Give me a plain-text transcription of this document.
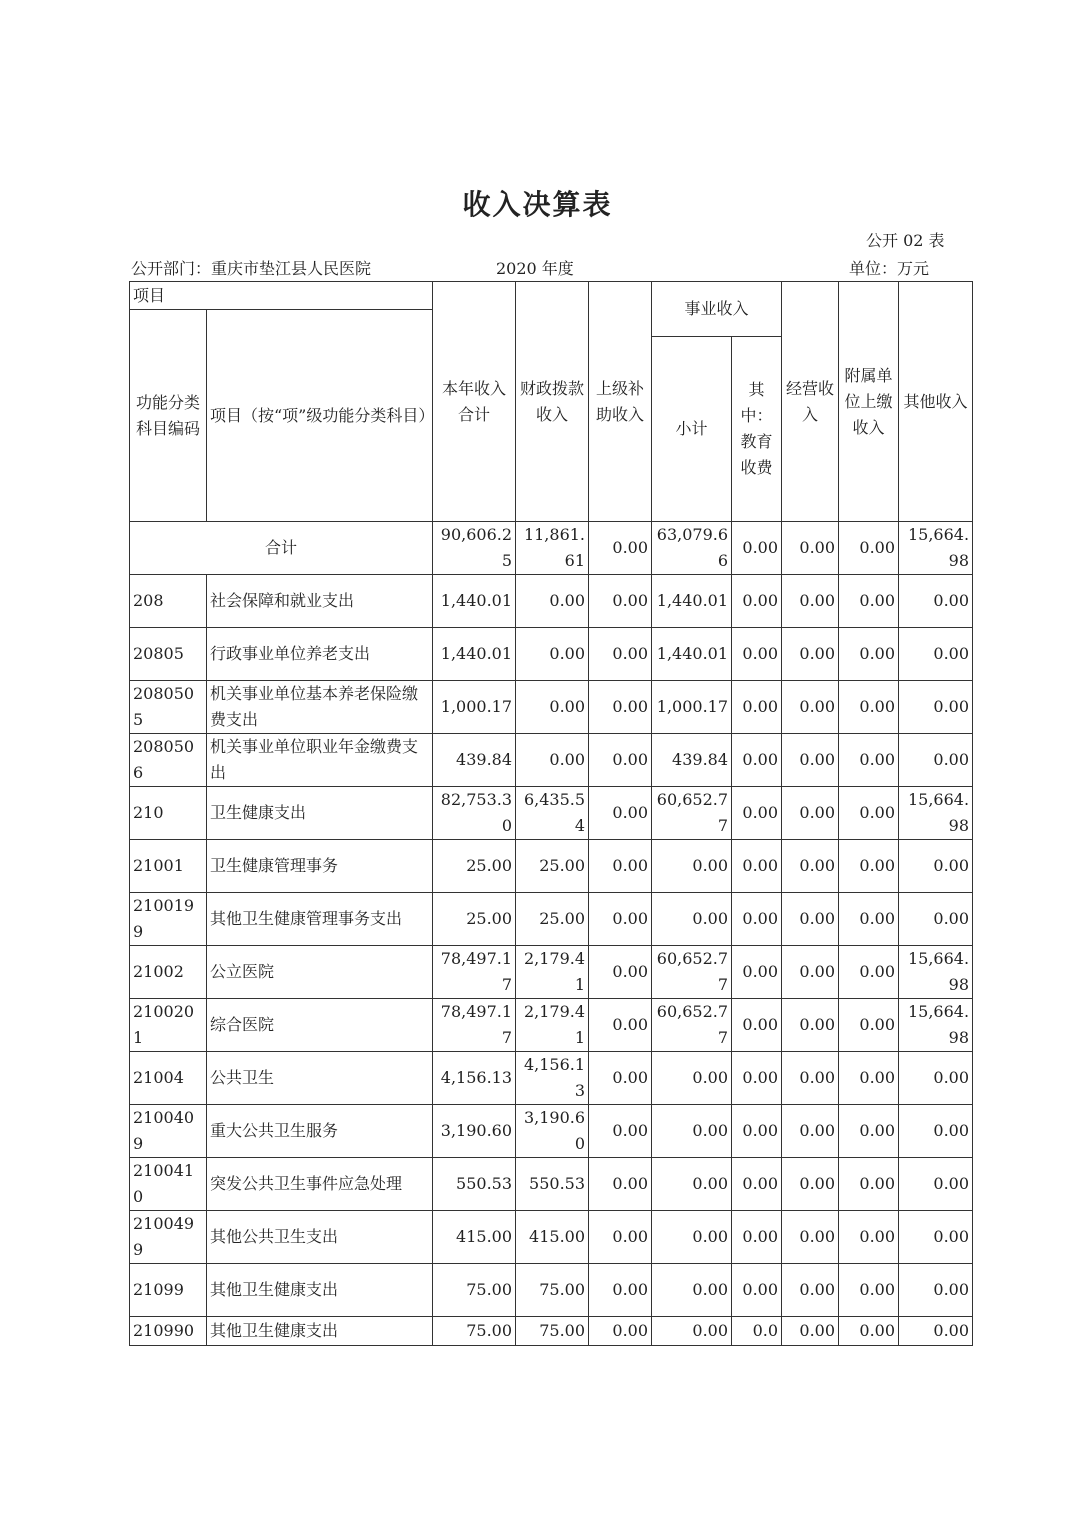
收入决算表
公开 02 表
公开部门：重庆市垫江县人民医院	2020 年度	单位：万元
项目		本年收入合计	财政拨款收入	上级补助收入	事业收入		经营收入	附属单位上缴收入	其他收入
功能分类科目编码	项目（按“项”级功能分类科目）								
					小计	其中：教育收费			
合计		90,606.25	11,861.61	0.00	63,079.66	0.00	0.00	0.00	15,664.98
208	社会保障和就业支出	1,440.01	0.00	0.00	1,440.01	0.00	0.00	0.00	0.00
20805	行政事业单位养老支出	1,440.01	0.00	0.00	1,440.01	0.00	0.00	0.00	0.00
2080505	机关事业单位基本养老保险缴费支出	1,000.17	0.00	0.00	1,000.17	0.00	0.00	0.00	0.00
2080506	机关事业单位职业年金缴费支出	439.84	0.00	0.00	439.84	0.00	0.00	0.00	0.00
210	卫生健康支出	82,753.30	6,435.54	0.00	60,652.77	0.00	0.00	0.00	15,664.98
21001	卫生健康管理事务	25.00	25.00	0.00	0.00	0.00	0.00	0.00	0.00
2100199	其他卫生健康管理事务支出	25.00	25.00	0.00	0.00	0.00	0.00	0.00	0.00
21002	公立医院	78,497.17	2,179.41	0.00	60,652.77	0.00	0.00	0.00	15,664.98
2100201	综合医院	78,497.17	2,179.41	0.00	60,652.77	0.00	0.00	0.00	15,664.98
21004	公共卫生	4,156.13	4,156.13	0.00	0.00	0.00	0.00	0.00	0.00
2100409	重大公共卫生服务	3,190.60	3,190.60	0.00	0.00	0.00	0.00	0.00	0.00
2100410	突发公共卫生事件应急处理	550.53	550.53	0.00	0.00	0.00	0.00	0.00	0.00
2100499	其他公共卫生支出	415.00	415.00	0.00	0.00	0.00	0.00	0.00	0.00
21099	其他卫生健康支出	75.00	75.00	0.00	0.00	0.00	0.00	0.00	0.00
210990	其他卫生健康支出	75.00	75.00	0.00	0.00	0.0	0.00	0.00	0.00
